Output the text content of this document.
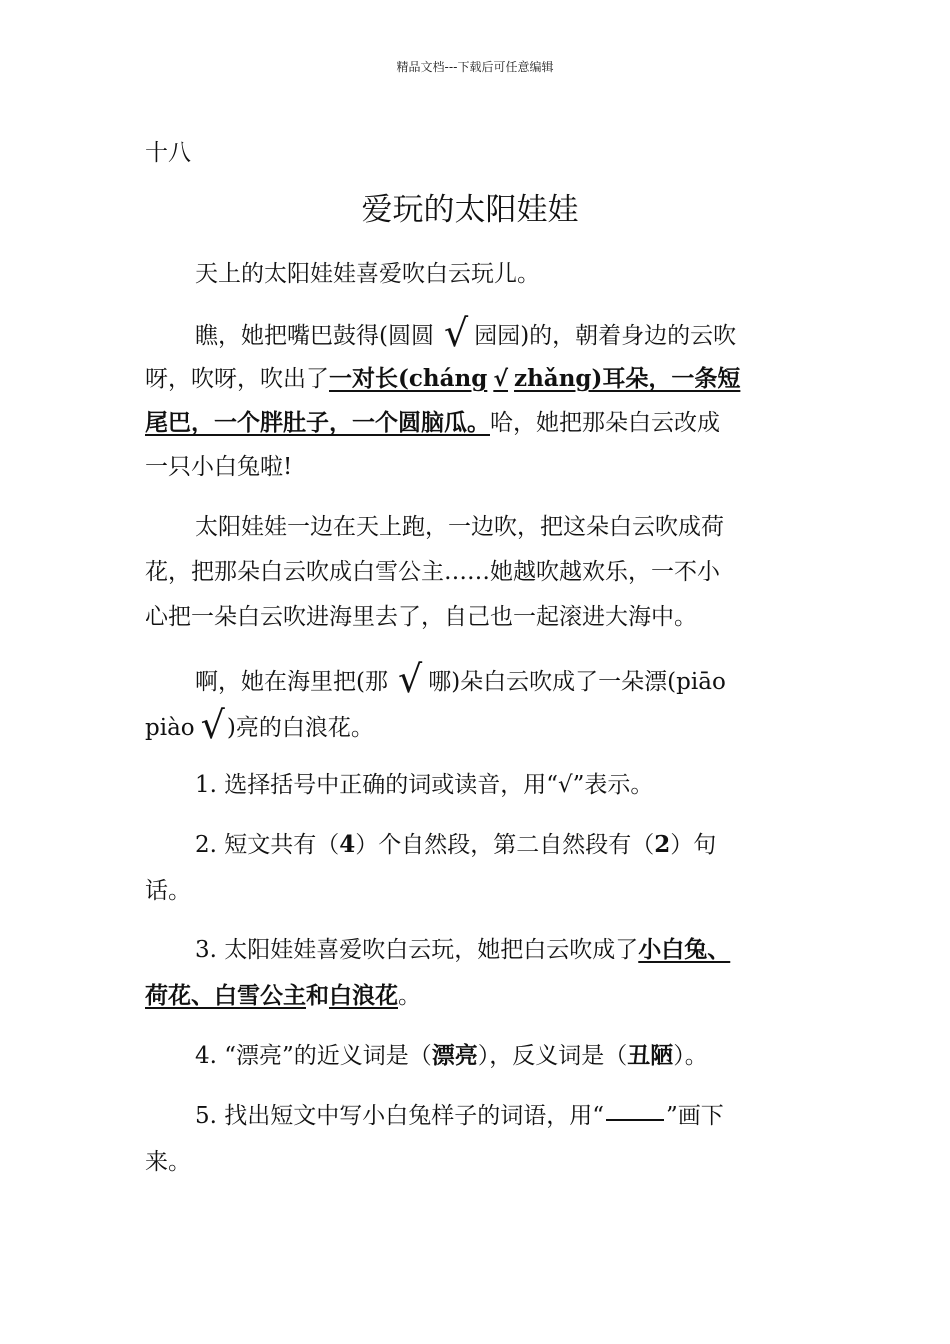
精品文档---下载后可任意编辑
十八
爱玩的太阳娃娃
天上的太阳娃娃喜爱吹白云玩儿。
瞧，她把嘴巴鼓得(圆圆 √ 园园)的，朝着身边的云吹
呀，吹呀，吹出了一对长(cháng √ zhǎng)耳朵，一条短
尾巴，一个胖肚子，一个圆脑瓜。哈，她把那朵白云改成
一只小白兔啦!
太阳娃娃一边在天上跑，一边吹，把这朵白云吹成荷
花，把那朵白云吹成白雪公主……她越吹越欢乐，一不小
心把一朵白云吹进海里去了，自己也一起滚进大海中。
啊，她在海里把(那 √ 哪)朵白云吹成了一朵漂(piāo
piào √)亮的白浪花。
1. 选择括号中正确的词或读音，用“√”表示。
2. 短文共有（4）个自然段，第二自然段有（2）句
话。
3. 太阳娃娃喜爱吹白云玩，她把白云吹成了小白兔、
荷花、白雪公主和白浪花。
4. “漂亮”的近义词是（漂亮），反义词是（丑陋）。
5. 找出短文中写小白兔样子的词语，用“	”画下
来。
